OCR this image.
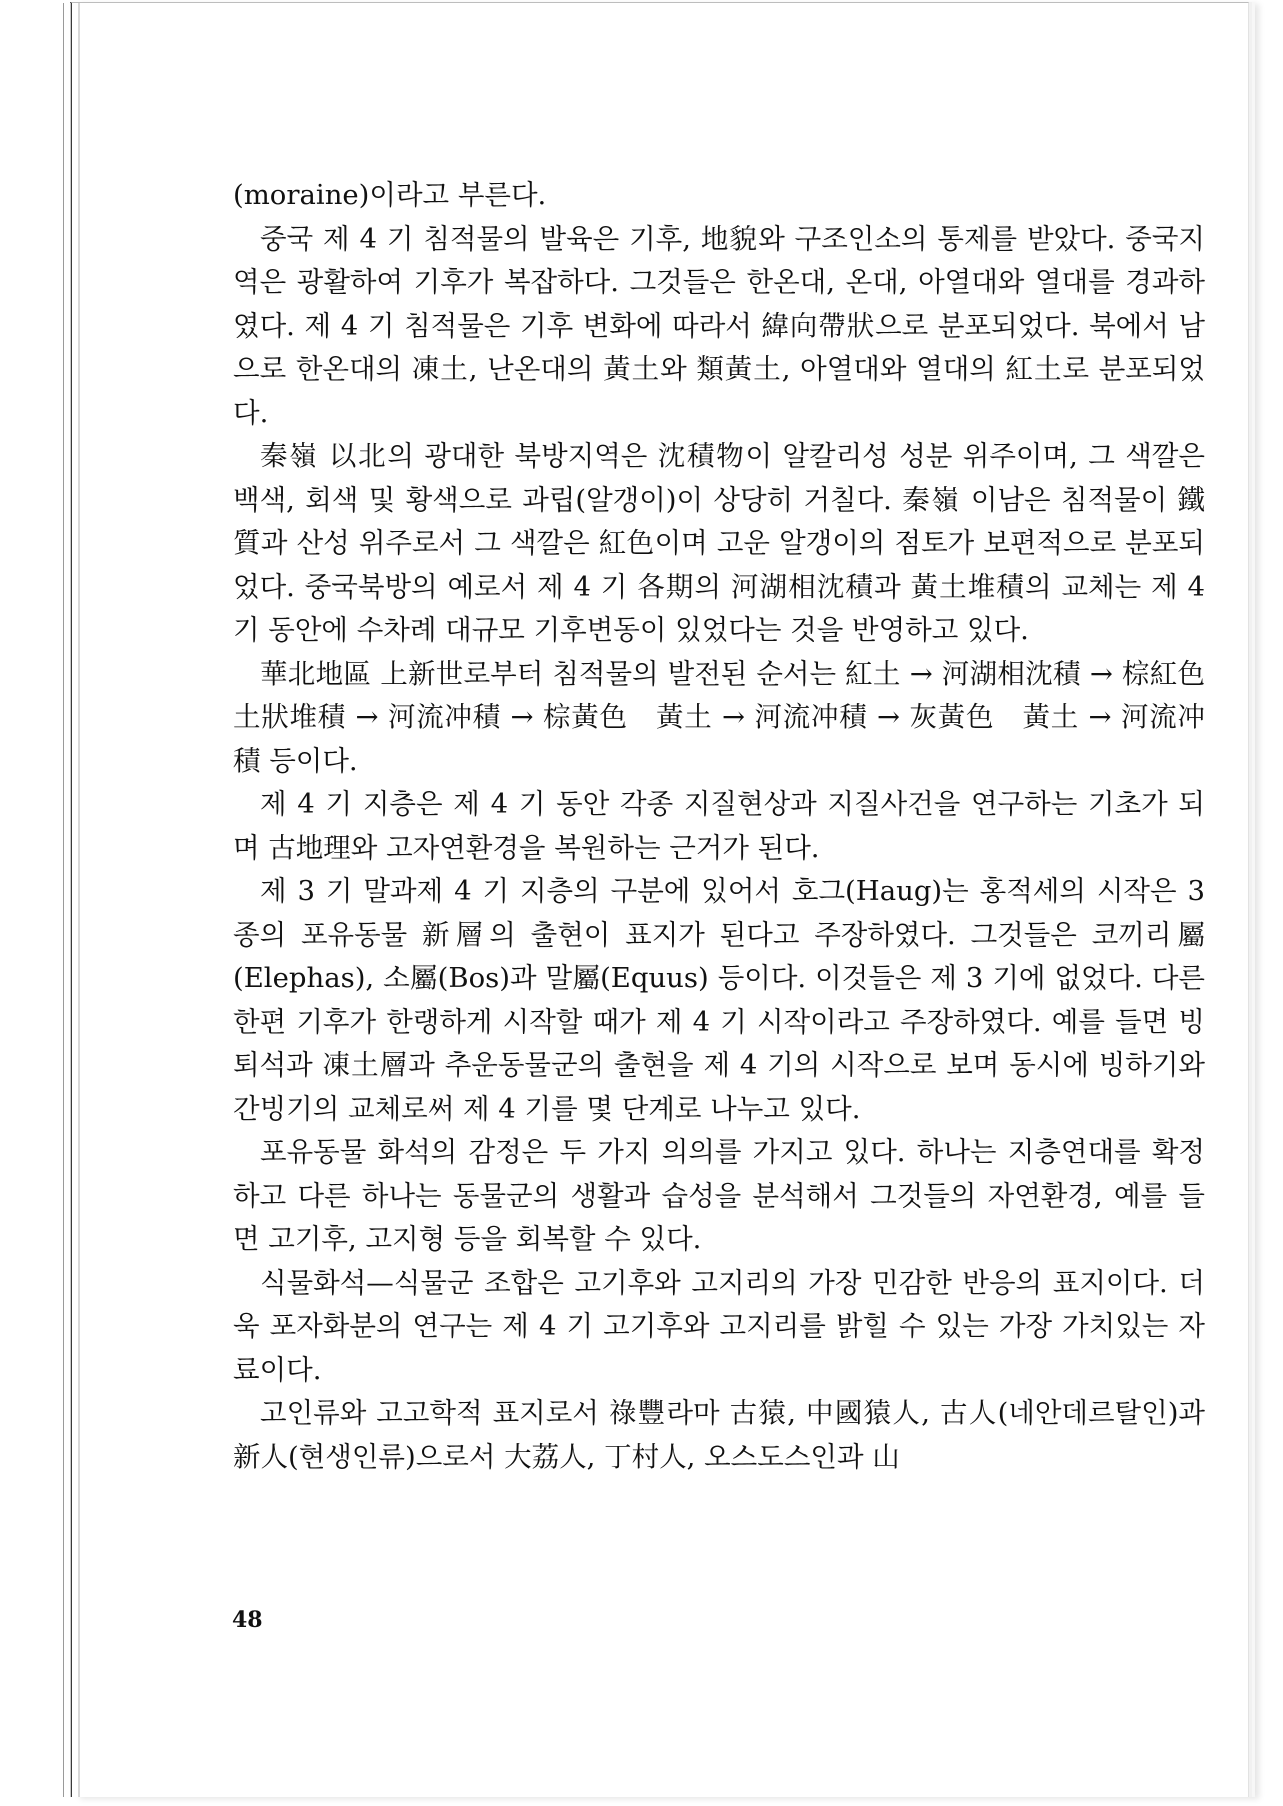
(moraine)이라고 부른다.

중국 제 4 기 침적물의 발육은 기후, 地貌와 구조인소의 통제를 받았다. 중국지역은 광활하여 기후가 복잡하다. 그것들은 한온대, 온대, 아열대와 열대를 경과하였다. 제 4 기 침적물은 기후 변화에 따라서 緯向帶狀으로 분포되었다. 북에서 남으로 한온대의 凍土, 난온대의 黃土와 類黃土, 아열대와 열대의 紅土로 분포되었다.

秦嶺 以北의 광대한 북방지역은 沈積物이 알칼리성 성분 위주이며, 그 색깔은 백색, 회색 및 황색으로 과립(알갱이)이 상당히 거칠다. 秦嶺 이남은 침적물이 鐵質과 산성 위주로서 그 색깔은 紅色이며 고운 알갱이의 점토가 보편적으로 분포되었다. 중국북방의 예로서 제 4 기 各期의 河湖相沈積과 黃土堆積의 교체는 제 4 기 동안에 수차례 대규모 기후변동이 있었다는 것을 반영하고 있다.

華北地區 上新世로부터 침적물의 발전된 순서는 紅土 → 河湖相沈積 → 棕紅色　土狀堆積 → 河流冲積 → 棕黃色　黃土 → 河流冲積 → 灰黃色　黃土 → 河流冲積 등이다.

제 4 기 지층은 제 4 기 동안 각종 지질현상과 지질사건을 연구하는 기초가 되며 古地理와 고자연환경을 복원하는 근거가 된다.

제 3 기 말과제 4 기 지층의 구분에 있어서 호그(Haug)는 홍적세의 시작은 3종의 포유동물 新層의 출현이 표지가 된다고 주장하였다. 그것들은 코끼리屬(Elephas), 소屬(Bos)과 말屬(Equus) 등이다. 이것들은 제 3 기에 없었다. 다른 한편 기후가 한랭하게 시작할 때가 제 4 기 시작이라고 주장하였다. 예를 들면 빙퇴석과 凍土層과 추운동물군의 출현을 제 4 기의 시작으로 보며 동시에 빙하기와 간빙기의 교체로써 제 4 기를 몇 단계로 나누고 있다.

포유동물 화석의 감정은 두 가지 의의를 가지고 있다. 하나는 지층연대를 확정하고 다른 하나는 동물군의 생활과 습성을 분석해서 그것들의 자연환경, 예를 들면 고기후, 고지형 등을 회복할 수 있다.

식물화석—식물군 조합은 고기후와 고지리의 가장 민감한 반응의 표지이다. 더욱 포자화분의 연구는 제 4 기 고기후와 고지리를 밝힐 수 있는 가장 가치있는 자료이다.

고인류와 고고학적 표지로서 祿豐라마 古猿, 中國猿人, 古人(네안데르탈인)과 新人(현생인류)으로서 大荔人, 丁村人, 오스도스인과 山

48
